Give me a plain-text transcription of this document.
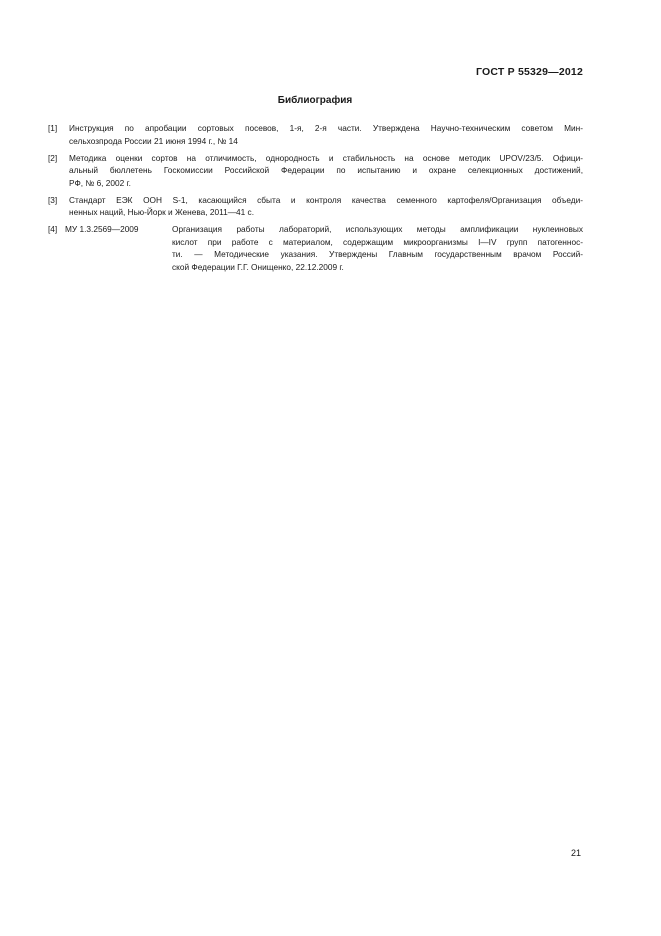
ГОСТ Р 55329—2012
Библиография
[1]	Инструкция по апробации сортовых посевов, 1-я, 2-я части. Утверждена Научно-техническим советом Мин-
сельхозпрода России 21 июня 1994 г., № 14
[2]	Методика оценки сортов на отличимость, однородность и стабильность на основе методик UPOV/23/5. Офици-
альный бюллетень Госкомиссии Российской Федерации по испытанию и охране селекционных достижений,
РФ, № 6, 2002 г.
[3]	Стандарт ЕЭК ООН S-1, касающийся сбыта и контроля качества семенного картофеля/Организация объеди-
ненных наций, Нью-Йорк и Женева, 2011—41 с.
[4] МУ 1.3.2569—2009	Организация работы лабораторий, использующих методы амплификации нуклеиновых
кислот при работе с материалом, содержащим микроорганизмы I—IV групп патогеннос-
ти. — Методические указания. Утверждены Главным государственным врачом Россий-
ской Федерации Г.Г. Онищенко, 22.12.2009 г.
21
